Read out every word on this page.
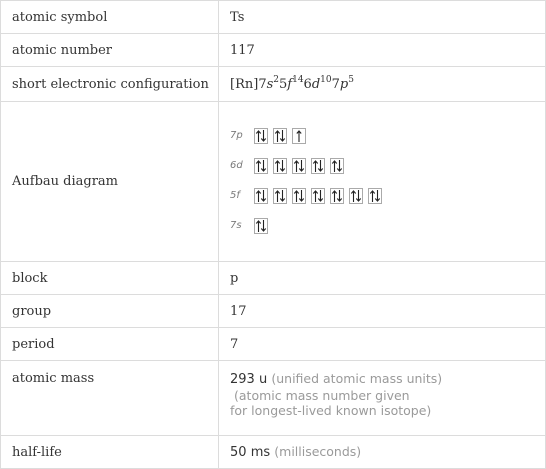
atomic symbol	Ts
atomic number	117
short electronic configuration	$[Rn]7s^25f^{14}6d^{10}7p^5$
Aufbau diagram	7p
6d
5f
7s

block	p
group	17
period	7
atomic mass	293 u (unified atomic mass units)
(atomic mass number given
for longest-lived known isotope)

half-life	50 ms (milliseconds)
